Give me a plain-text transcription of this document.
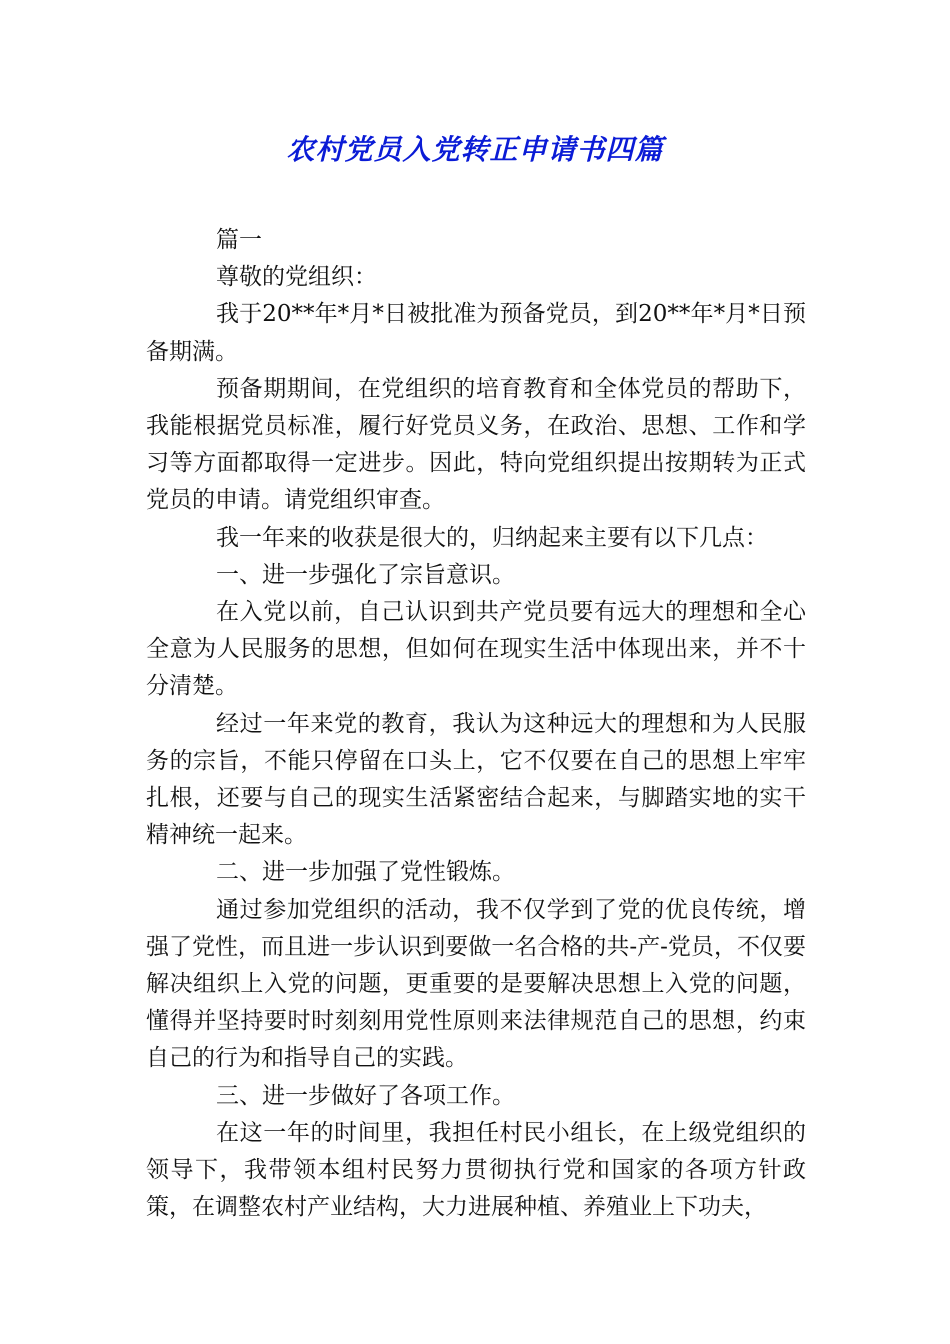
农村党员入党转正申请书四篇

篇一

尊敬的党组织：

我于20**年*月*日被批准为预备党员，到20**年*月*日预备期满。

预备期期间，在党组织的培育教育和全体党员的帮助下，我能根据党员标准，履行好党员义务，在政治、思想、工作和学习等方面都取得一定进步。因此，特向党组织提出按期转为正式党员的申请。请党组织审查。

我一年来的收获是很大的，归纳起来主要有以下几点：

一、进一步强化了宗旨意识。

在入党以前，自己认识到共产党员要有远大的理想和全心全意为人民服务的思想，但如何在现实生活中体现出来，并不十分清楚。

经过一年来党的教育，我认为这种远大的理想和为人民服务的宗旨，不能只停留在口头上，它不仅要在自己的思想上牢牢扎根，还要与自己的现实生活紧密结合起来，与脚踏实地的实干精神统一起来。

二、进一步加强了党性锻炼。

通过参加党组织的活动，我不仅学到了党的优良传统，增强了党性，而且进一步认识到要做一名合格的共-产-党员，不仅要解决组织上入党的问题，更重要的是要解决思想上入党的问题，懂得并坚持要时时刻刻用党性原则来法律规范自己的思想，约束自己的行为和指导自己的实践。

三、进一步做好了各项工作。

在这一年的时间里，我担任村民小组长，在上级党组织的领导下，我带领本组村民努力贯彻执行党和国家的各项方针政策，在调整农村产业结构，大力进展种植、养殖业上下功夫，
